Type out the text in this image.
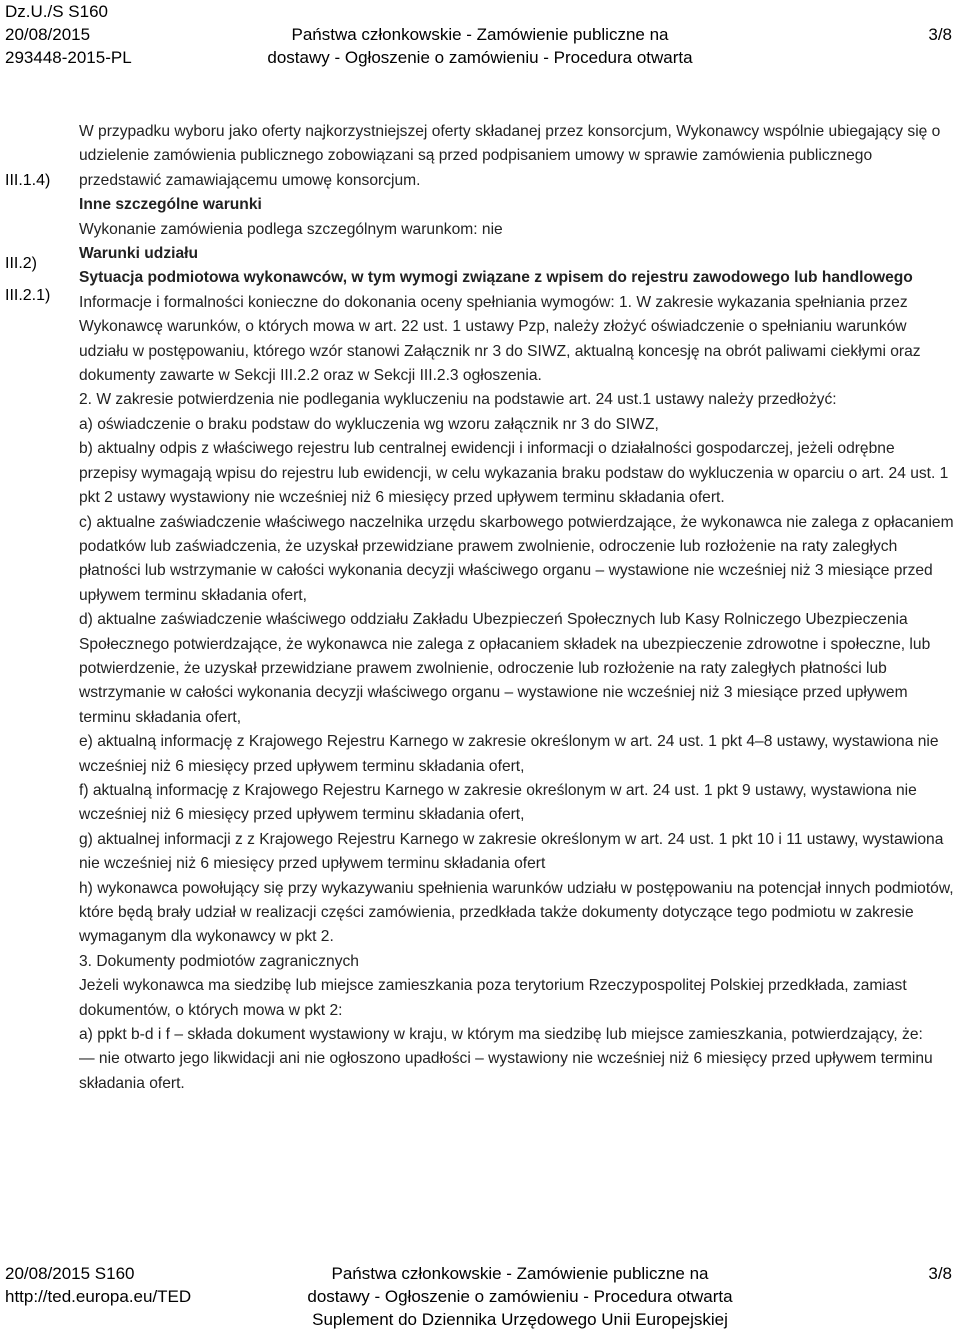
Dz.U./S S160
20/08/2015
293448-2015-PL
Państwa członkowskie - Zamówienie publiczne na
dostawy - Ogłoszenie o zamówieniu - Procedura otwarta
3/8
III.1.4)
III.2)
III.2.1)

W przypadku wyboru jako oferty najkorzystniejszej oferty składanej przez konsorcjum, Wykonawcy wspólnie ubiegający się o udzielenie zamówienia publicznego zobowiązani są przed podpisaniem umowy w sprawie zamówienia publicznego przedstawić zamawiającemu umowę konsorcjum.

Inne szczególne warunki

Wykonanie zamówienia podlega szczególnym warunkom: nie

Warunki udziału

Sytuacja podmiotowa wykonawców, w tym wymogi związane z wpisem do rejestru zawodowego lub handlowego

Informacje i formalności konieczne do dokonania oceny spełniania wymogów: 1. W zakresie wykazania spełniania przez Wykonawcę warunków, o których mowa w art. 22 ust. 1 ustawy Pzp, należy złożyć oświadczenie o spełnianiu warunków udziału w postępowaniu, którego wzór stanowi Załącznik nr 3 do SIWZ, aktualną koncesję na obrót paliwami ciekłymi oraz dokumenty zawarte w Sekcji III.2.2 oraz w Sekcji III.2.3 ogłoszenia.

2. W zakresie potwierdzenia nie podlegania wykluczeniu na podstawie art. 24 ust.1 ustawy należy przedłożyć:

a) oświadczenie o braku podstaw do wykluczenia wg wzoru załącznik nr 3 do SIWZ,

b) aktualny odpis z właściwego rejestru lub centralnej ewidencji i informacji o działalności gospodarczej, jeżeli odrębne przepisy wymagają wpisu do rejestru lub ewidencji, w celu wykazania braku podstaw do wykluczenia w oparciu o art. 24 ust. 1 pkt 2 ustawy wystawiony nie wcześniej niż 6 miesięcy przed upływem terminu składania ofert.

c) aktualne zaświadczenie właściwego naczelnika urzędu skarbowego potwierdzające, że wykonawca nie zalega z opłacaniem podatków lub zaświadczenia, że uzyskał przewidziane prawem zwolnienie, odroczenie lub rozłożenie na raty zaległych płatności lub wstrzymanie w całości wykonania decyzji właściwego organu – wystawione nie wcześniej niż 3 miesiące przed upływem terminu składania ofert,

d) aktualne zaświadczenie właściwego oddziału Zakładu Ubezpieczeń Społecznych lub Kasy Rolniczego Ubezpieczenia Społecznego potwierdzające, że wykonawca nie zalega z opłacaniem składek na ubezpieczenie zdrowotne i społeczne, lub potwierdzenie, że uzyskał przewidziane prawem zwolnienie, odroczenie lub rozłożenie na raty zaległych płatności lub wstrzymanie w całości wykonania decyzji właściwego organu – wystawione nie wcześniej niż 3 miesiące przed upływem terminu składania ofert,

e) aktualną informację z Krajowego Rejestru Karnego w zakresie określonym w art. 24 ust. 1 pkt 4–8 ustawy, wystawiona nie wcześniej niż 6 miesięcy przed upływem terminu składania ofert,

f) aktualną informację z Krajowego Rejestru Karnego w zakresie określonym w art. 24 ust. 1 pkt 9 ustawy, wystawiona nie wcześniej niż 6 miesięcy przed upływem terminu składania ofert,

g) aktualnej informacji z z Krajowego Rejestru Karnego w zakresie określonym w art. 24 ust. 1 pkt 10 i 11 ustawy, wystawiona nie wcześniej niż 6 miesięcy przed upływem terminu składania ofert

h) wykonawca powołujący się przy wykazywaniu spełnienia warunków udziału w postępowaniu na potencjał innych podmiotów, które będą brały udział w realizacji części zamówienia, przedkłada także dokumenty dotyczące tego podmiotu w zakresie wymaganym dla wykonawcy w pkt 2.

3. Dokumenty podmiotów zagranicznych

Jeżeli wykonawca ma siedzibę lub miejsce zamieszkania poza terytorium Rzeczypospolitej Polskiej przedkłada, zamiast dokumentów, o których mowa w pkt 2:

a) ppkt b-d i f – składa dokument wystawiony w kraju, w którym ma siedzibę lub miejsce zamieszkania, potwierdzający, że:

— nie otwarto jego likwidacji ani nie ogłoszono upadłości – wystawiony nie wcześniej niż 6 miesięcy przed upływem terminu składania ofert.

20/08/2015 S160
http://ted.europa.eu/TED
Państwa członkowskie - Zamówienie publiczne na
dostawy - Ogłoszenie o zamówieniu - Procedura otwarta
Suplement do Dziennika Urzędowego Unii Europejskiej
3/8
